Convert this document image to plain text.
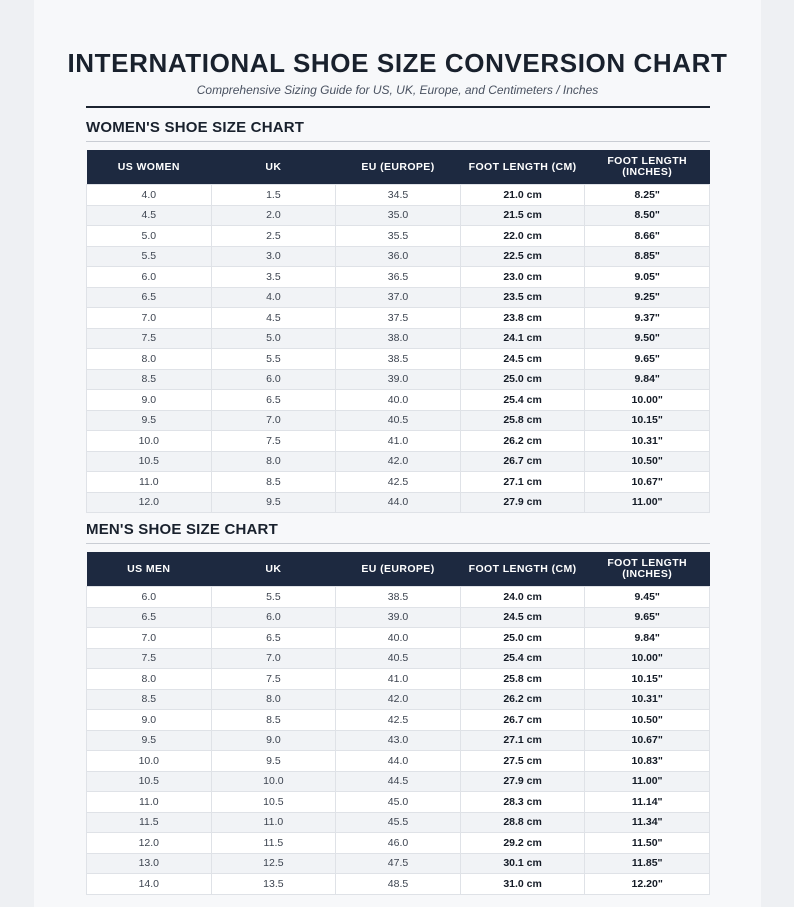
INTERNATIONAL SHOE SIZE CONVERSION CHART
Comprehensive Sizing Guide for US, UK, Europe, and Centimeters / Inches
WOMEN'S SHOE SIZE CHART
US WOMEN	UK	EU (EUROPE)	FOOT LENGTH (CM)	FOOT LENGTH (INCHES)
4.0	1.5	34.5	21.0 cm	8.25"
4.5	2.0	35.0	21.5 cm	8.50"
5.0	2.5	35.5	22.0 cm	8.66"
5.5	3.0	36.0	22.5 cm	8.85"
6.0	3.5	36.5	23.0 cm	9.05"
6.5	4.0	37.0	23.5 cm	9.25"
7.0	4.5	37.5	23.8 cm	9.37"
7.5	5.0	38.0	24.1 cm	9.50"
8.0	5.5	38.5	24.5 cm	9.65"
8.5	6.0	39.0	25.0 cm	9.84"
9.0	6.5	40.0	25.4 cm	10.00"
9.5	7.0	40.5	25.8 cm	10.15"
10.0	7.5	41.0	26.2 cm	10.31"
10.5	8.0	42.0	26.7 cm	10.50"
11.0	8.5	42.5	27.1 cm	10.67"
12.0	9.5	44.0	27.9 cm	11.00"
MEN'S SHOE SIZE CHART
US MEN	UK	EU (EUROPE)	FOOT LENGTH (CM)	FOOT LENGTH (INCHES)
6.0	5.5	38.5	24.0 cm	9.45"
6.5	6.0	39.0	24.5 cm	9.65"
7.0	6.5	40.0	25.0 cm	9.84"
7.5	7.0	40.5	25.4 cm	10.00"
8.0	7.5	41.0	25.8 cm	10.15"
8.5	8.0	42.0	26.2 cm	10.31"
9.0	8.5	42.5	26.7 cm	10.50"
9.5	9.0	43.0	27.1 cm	10.67"
10.0	9.5	44.0	27.5 cm	10.83"
10.5	10.0	44.5	27.9 cm	11.00"
11.0	10.5	45.0	28.3 cm	11.14"
11.5	11.0	45.5	28.8 cm	11.34"
12.0	11.5	46.0	29.2 cm	11.50"
13.0	12.5	47.5	30.1 cm	11.85"
14.0	13.5	48.5	31.0 cm	12.20"
